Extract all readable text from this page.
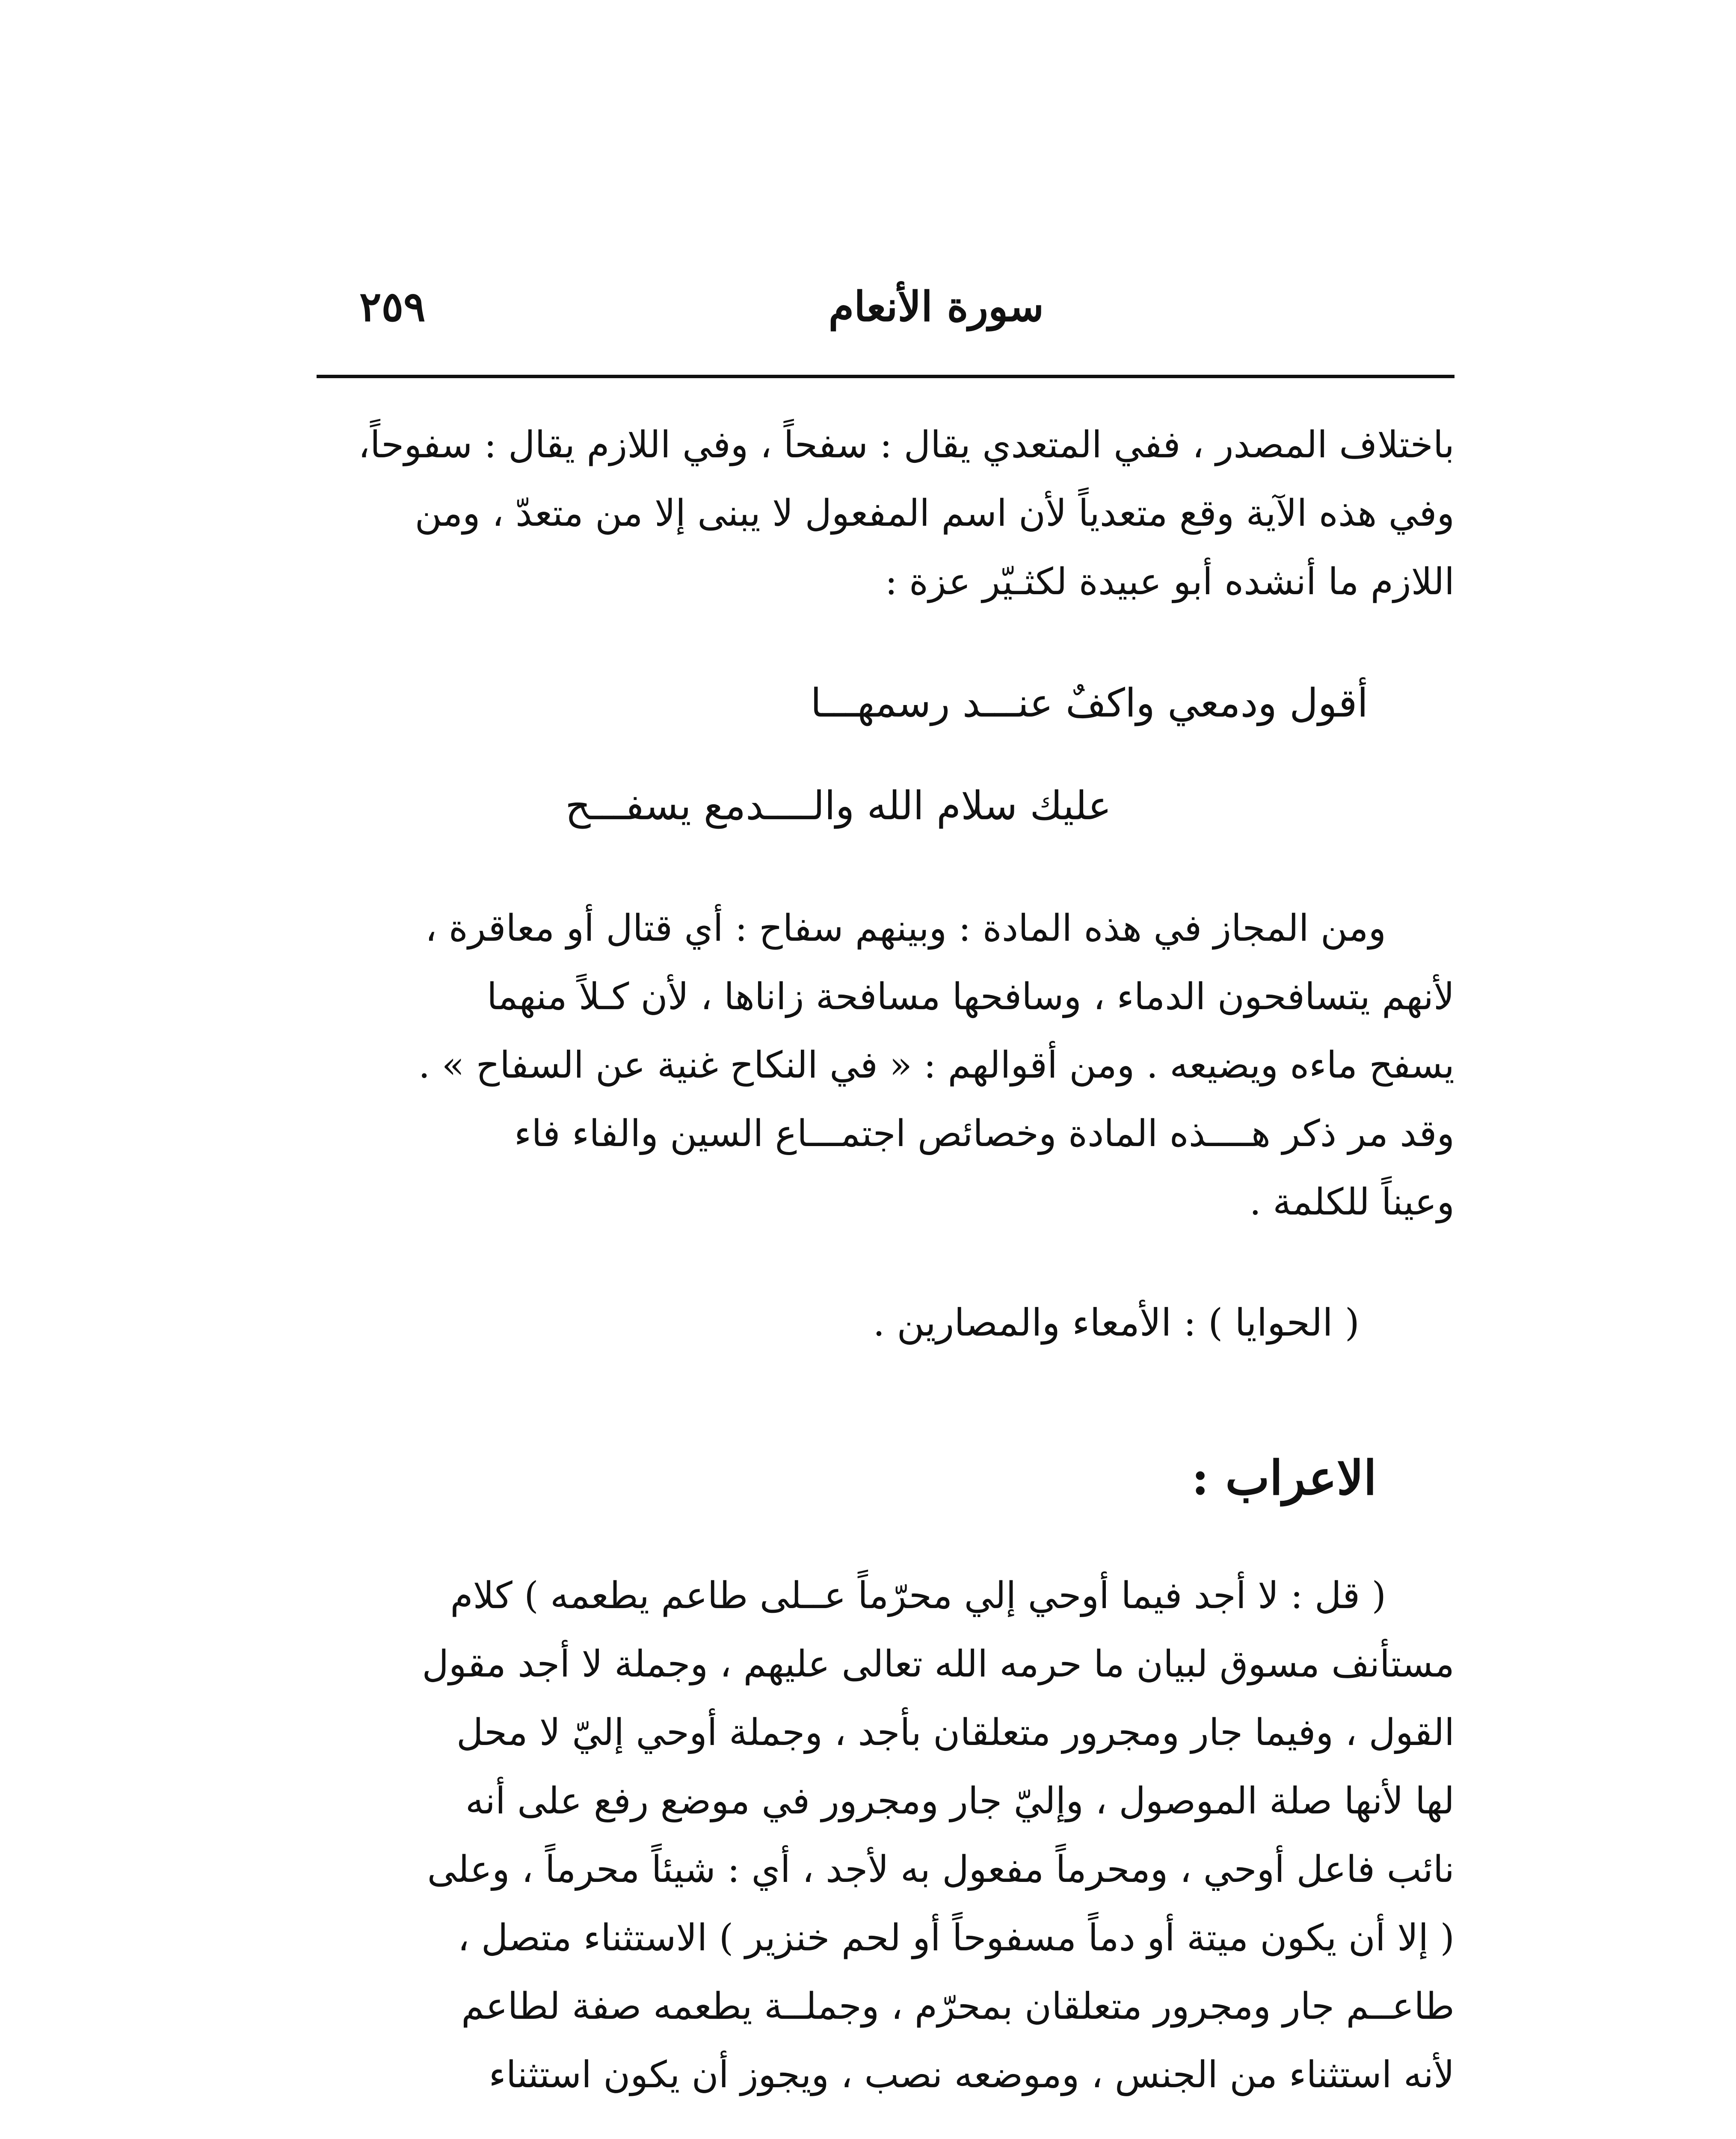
سورة الأنعام
٢٥٩
باختلاف المصدر ، ففي المتعدي يقال : سفحاً ، وفي اللازم يقال : سفوحاً،
وفي هذه الآية وقع متعدياً لأن اسم المفعول لا يبنى إلا من متعدّ ، ومن
اللازم ما أنشده أبو عبيدة لكثـيّر عزة :
أقول ودمعي واكفٌ عنـــد رسمهـــا
عليك سلام الله والــــدمع يسفـــح
ومن المجاز في هذه المادة : وبينهم سفاح : أي قتال أو معاقرة ،
لأنهم يتسافحون الدماء ، وسافحها مسافحة زاناها ، لأن كـلاً منهما
يسفح ماءه ويضيعه . ومن أقوالهم : « في النكاح غنية عن السفاح » .
وقد مر ذكر هــــذه المادة وخصائص اجتمـــاع السين والفاء فاء
وعيناً للكلمة .
( الحوايا ) : الأمعاء والمصارين .
الاعراب :
( قل : لا أجد فيما أوحي إلي محرّماً عــلى طاعم يطعمه ) كلام
مستأنف مسوق لبيان ما حرمه الله تعالى عليهم ، وجملة لا أجد مقول
القول ، وفيما جار ومجرور متعلقان بأجد ، وجملة أوحي إليّ لا محل
لها لأنها صلة الموصول ، وإليّ جار ومجرور في موضع رفع على أنه
نائب فاعل أوحي ، ومحرماً مفعول به لأجد ، أي : شيئاً محرماً ، وعلى
( إلا أن يكون ميتة أو دماً مسفوحاً أو لحم خنزير ) الاستثناء متصل ،
طاعــم جار ومجرور متعلقان بمحرّم ، وجملــة يطعمه صفة لطاعم
لأنه استثناء من الجنس ، وموضعه نصب ، ويجوز أن يكون استثناء
